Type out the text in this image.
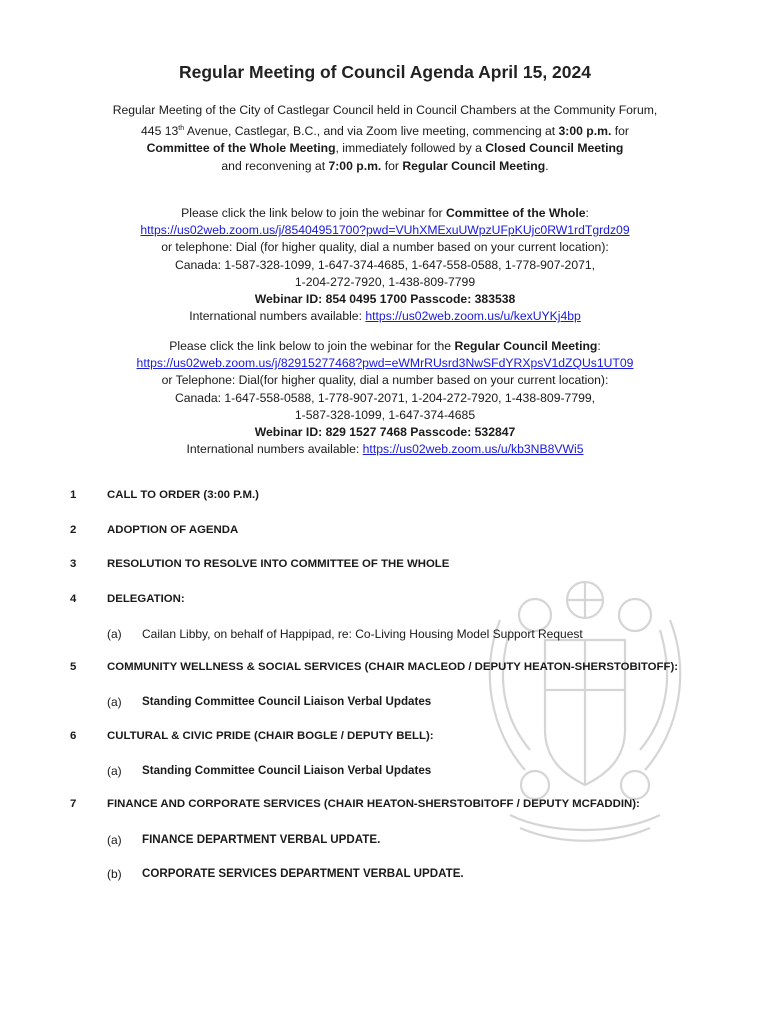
Regular Meeting of Council Agenda April 15, 2024
Regular Meeting of the City of Castlegar Council held in Council Chambers at the Community Forum,
445 13th Avenue, Castlegar, B.C., and via Zoom live meeting, commencing at 3:00 p.m. for
Committee of the Whole Meeting, immediately followed by a Closed Council Meeting
and reconvening at 7:00 p.m. for Regular Council Meeting.
Please click the link below to join the webinar for Committee of the Whole:
https://us02web.zoom.us/j/85404951700?pwd=VUhXMExuUWpzUFpKUjc0RW1rdTgrdz09
or telephone: Dial (for higher quality, dial a number based on your current location):
Canada: 1-587-328-1099, 1-647-374-4685, 1-647-558-0588, 1-778-907-2071,
1-204-272-7920, 1-438-809-7799
Webinar ID: 854 0495 1700 Passcode: 383538
International numbers available: https://us02web.zoom.us/u/kexUYKj4bp
Please click the link below to join the webinar for the Regular Council Meeting:
https://us02web.zoom.us/j/82915277468?pwd=eWMrRUsrd3NwSFdYRXpsV1dZQUs1UT09
or Telephone: Dial(for higher quality, dial a number based on your current location):
Canada: 1-647-558-0588, 1-778-907-2071, 1-204-272-7920, 1-438-809-7799,
1-587-328-1099, 1-647-374-4685
Webinar ID: 829 1527 7468 Passcode: 532847
International numbers available: https://us02web.zoom.us/u/kb3NB8VWi5
1	CALL TO ORDER (3:00 P.M.)
2	ADOPTION OF AGENDA
3	RESOLUTION TO RESOLVE INTO COMMITTEE OF THE WHOLE
4	DELEGATION:
(a) Cailan Libby, on behalf of Happipad, re: Co-Living Housing Model Support Request
5	COMMUNITY WELLNESS & SOCIAL SERVICES (CHAIR MACLEOD / DEPUTY HEATON-SHERSTOBITOFF):
(a) Standing Committee Council Liaison Verbal Updates
6	CULTURAL & CIVIC PRIDE (CHAIR BOGLE / DEPUTY BELL):
(a) Standing Committee Council Liaison Verbal Updates
7	FINANCE AND CORPORATE SERVICES (CHAIR HEATON-SHERSTOBITOFF / DEPUTY MCFADDIN):
(a) FINANCE DEPARTMENT VERBAL UPDATE.
(b) CORPORATE SERVICES DEPARTMENT VERBAL UPDATE.
